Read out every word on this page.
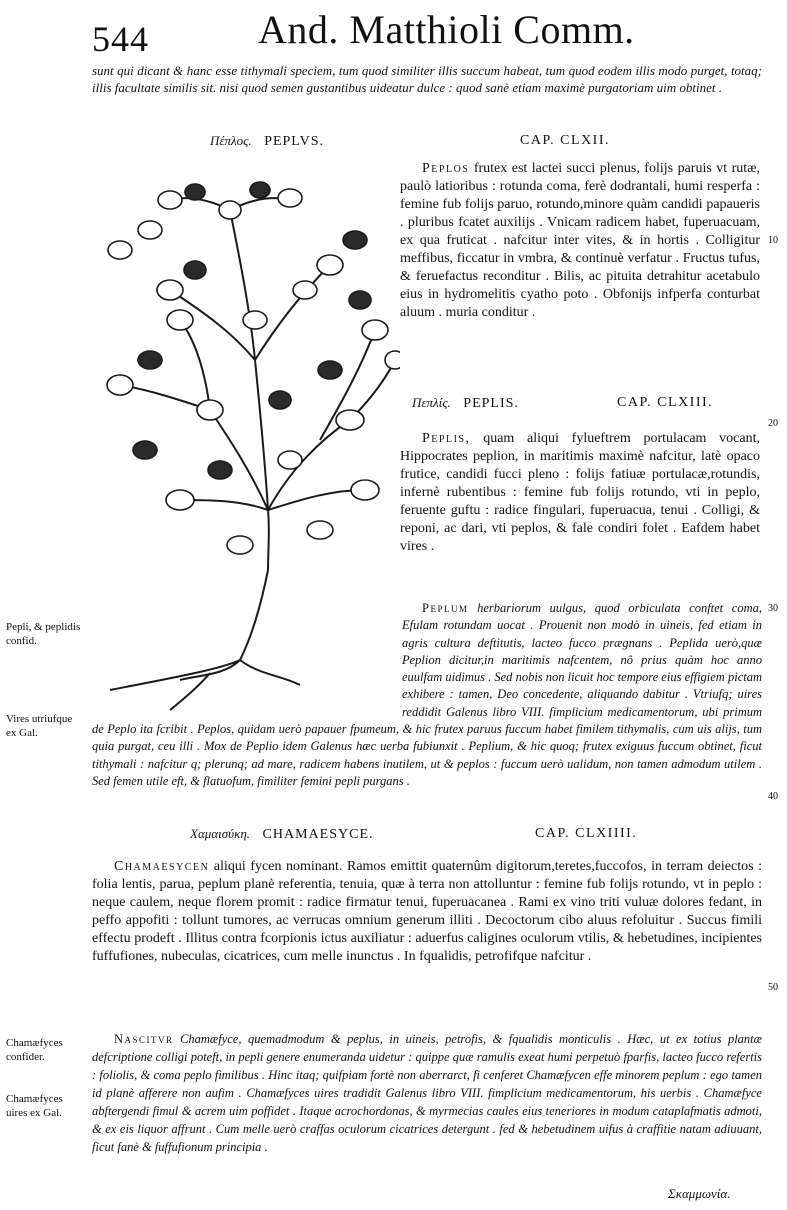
544	And. Matthioli Comm.
sunt qui dicant & hanc esse tithymali speciem, tum quod similiter illis succum habeat, tum quod eodem illis modo purget, totaq; illis facultate similis sit. nisi quod semen gustantibus uideatur dulce : quod sanè etiam maximè purgatoriam uim obtinet .
Πέπλος. PEPLVS.	CAP. CLXII.
Peplos frutex est lactei succi plenus, folijs paruis vt rutæ, paulò latioribus : rotunda coma, ferè dodrantali, humi resperfa : femine fub folijs paruo, rotundo,minore quàm candidi papaueris . pluribus fcatet auxilijs . Vnicam radicem habet, fuperuacuam, ex qua fruticat . nafcitur inter vites, & in hortis . Colligitur meffibus, ficcatur in vmbra, & continuè verfatur . Fructus tufus, & feruefactus reconditur . Bilis, ac pituita detrahitur acetabulo eius in hydromelitis cyatho poto . Obfonijs infperfa conturbat aluum . muria conditur .
Πεπλίς. PEPLIS.	CAP. CLXIII.
Peplis, quam aliqui fylueftrem portulacam vocant, Hippocrates peplion, in maritimis maximè nafcitur, latè opaco frutice, candidi fucci pleno : folijs fatiuæ portulacæ,rotundis, infernè rubentibus : femine fub folijs rotundo, vti in peplo, feruente guftu : radice fingulari, fuperuacua, tenui . Colligi, & reponi, ac dari, vti peplos, & fale condiri folet . Eafdem habet vires .
Peplum herbariorum uulgus, quod orbiculata conftet coma, Efulam rotundam uocat . Prouenit non modò in uineis, fed etiam in agris cultura deftitutis, lacteo fucco prægnans . Peplida uerò,quæ Peplion dicitur,in maritimis nafcentem, nô prius quàm hoc anno euulfam uidimus . Sed nobis non licuit hoc tempore eius effigiem pictam exhibere : tamen, Deo concedente, aliquando dabitur . Vtriufq; uires reddidit Galenus libro VIII. fimplicium medicamentorum, ubi primum de Peplo ita fcribit . Peplos, quidam uerò papauer fpumeum, & hic frutex paruus fuccum habet fimilem tithymalis, cum uis alijs, tum quia purgat, ceu illi . Mox de Peplio idem Galenus hæc uerba fubiunxit . Peplium, & hic quoq; frutex exiguus fuccum obtinet, ficut tithymali : nafcitur q; plerunq; ad mare, radicem habens inutilem, ut & peplos : fuccum uerò ualidum, non tamen admodum utilem . Sed femen utile eft, & flatuofum, fimiliter femini pepli purgans .
Χαμαισύκη. CHAMAESYCE.	CAP. CLXIIII.
Chamaesycen aliqui fycen nominant. Ramos emittit quaternûm digitorum,teretes,fuccofos, in terram deiectos : folia lentis, parua, peplum planè referentia, tenuia, quæ à terra non attolluntur : femine fub folijs rotundo, vt in peplo : neque caulem, neque florem promit : radice firmatur tenui, fuperuacanea . Rami ex vino triti vuluæ dolores fedant, in peffo appofiti : tollunt tumores, ac verrucas omnium generum illiti . Decoctorum cibo aluus refoluitur . Succus fimili effectu prodeft . Illitus contra fcorpionis ictus auxiliatur : aduerfus caligines oculorum vtilis, & hebetudines, incipientes fuffufiones, nubeculas, cicatrices, cum melle inunctus . In fqualidis, petrofifque nafcitur .
Nascitvr Chamæfyce, quemadmodum & peplus, in uineis, petrofis, & fqualidis monticulis . Hæc, ut ex totius plantæ defcriptione colligi poteft, in pepli genere enumeranda uidetur : quippe quæ ramulis exeat humi perpetuò fparfis, lacteo fucco refertis : foliolis, & coma peplo fimilibus . Hinc itaq; quifpiam fortè non aberrarct, fi cenferet Chamæfycen effe minorem peplum : ego tamen id planè afferere non aufim . Chamæfyces uires tradidit Galenus libro VIII. fimplicium medicamentorum, his uerbis . Chamæfyce abftergendi fimul & acrem uim poffidet . Itaque acrochordonas, & myrmecias caules eius teneriores in modum cataplafmatis admoti, & ex eis liquor affrunt . Cum melle uerò craffas oculorum cicatrices detergunt . fed & hebetudinem uifus à craffitie natam adiuuant, ficut fanè & fuffufionum principia .
Pepli, & peplidis confid.
Vires utriufque ex Gal.
Chamæfyces confider.
Chamæfyces uires ex Gal.
10
20
30
40
50
Σκαμμωνία.
